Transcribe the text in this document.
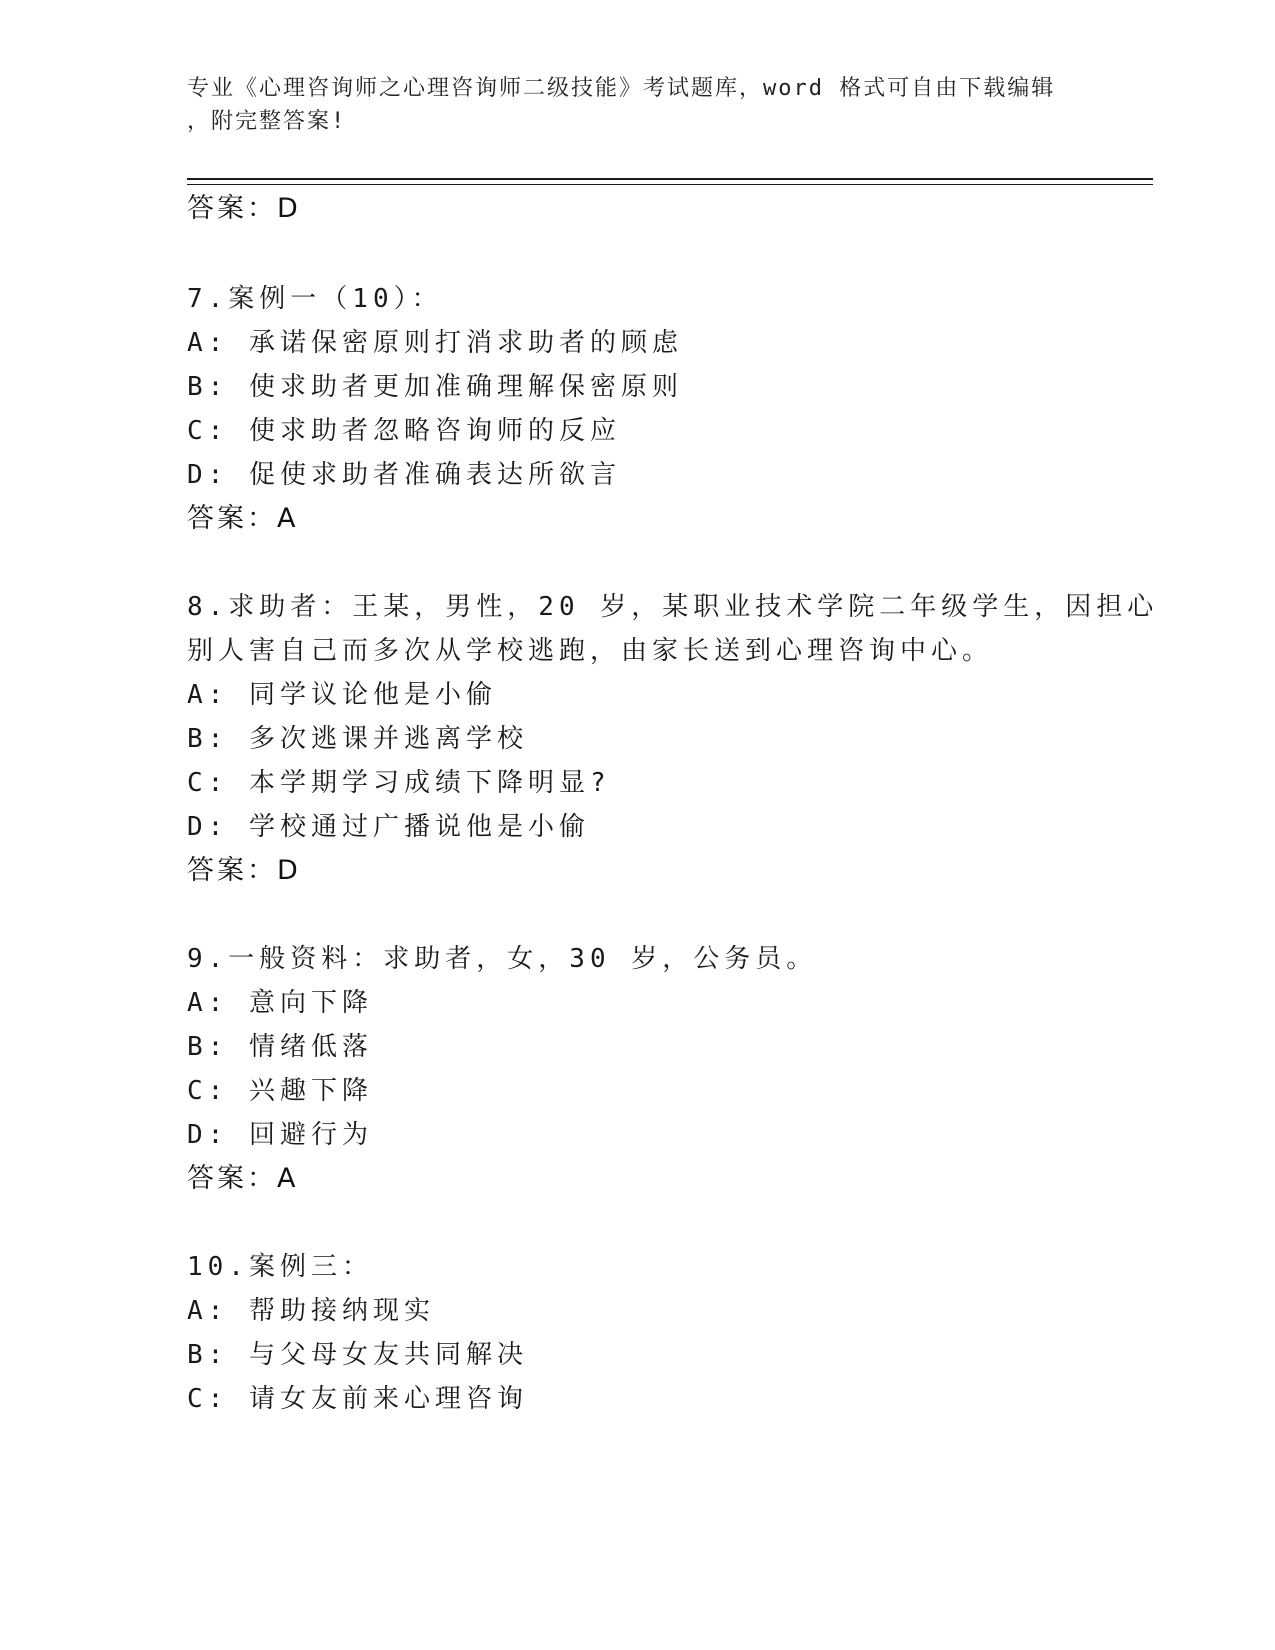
专业《心理咨询师之心理咨询师二级技能》考试题库，word 格式可自由下载编辑
，附完整答案!
答案：D
7.案例一（10）：
A: 承诺保密原则打消求助者的顾虑
B: 使求助者更加准确理解保密原则
C: 使求助者忽略咨询师的反应
D: 促使求助者准确表达所欲言
答案：A
8.求助者：王某，男性，20 岁，某职业技术学院二年级学生，因担心
别人害自己而多次从学校逃跑，由家长送到心理咨询中心。
A: 同学议论他是小偷
B: 多次逃课并逃离学校
C: 本学期学习成绩下降明显?
D: 学校通过广播说他是小偷
答案：D
9.一般资料：求助者，女，30 岁，公务员。
A: 意向下降
B: 情绪低落
C: 兴趣下降
D: 回避行为
答案：A
10.案例三：
A: 帮助接纳现实
B: 与父母女友共同解决
C: 请女友前来心理咨询
